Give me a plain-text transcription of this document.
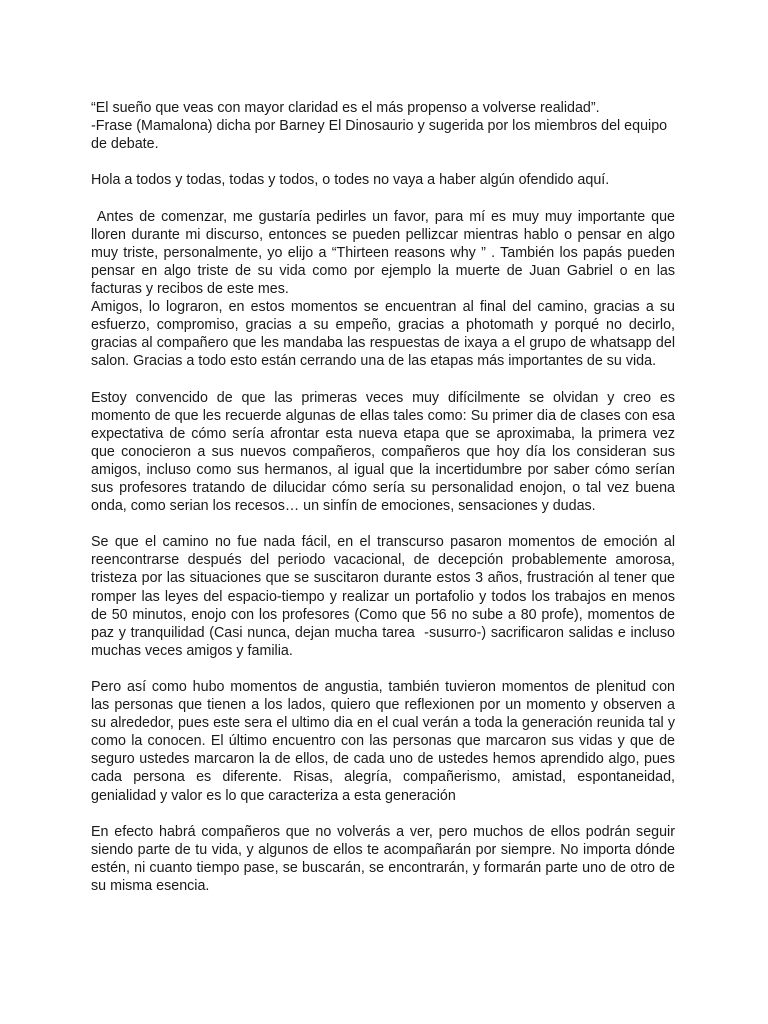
“El sueño que veas con mayor claridad es el más propenso a volverse realidad”.

-Frase (Mamalona) dicha por Barney El Dinosaurio y sugerida por los miembros del equipo de debate.

Hola a todos y todas, todas y todos, o todes no vaya a haber algún ofendido aquí.

Antes de comenzar, me gustaría pedirles un favor, para mí es muy muy importante que lloren durante mi discurso, entonces se pueden pellizcar mientras hablo o pensar en algo muy triste, personalmente, yo elijo a “Thirteen reasons why ” . También los papás pueden pensar en algo triste de su vida como por ejemplo la muerte de Juan Gabriel o en las facturas y recibos de este mes.

Amigos, lo lograron, en estos momentos se encuentran al final del camino, gracias a su esfuerzo, compromiso, gracias a su empeño, gracias a photomath y porqué no decirlo, gracias al compañero que les mandaba las respuestas de ixaya a el grupo de whatsapp del salon. Gracias a todo esto están cerrando una de las etapas más importantes de su vida.

Estoy convencido de que las primeras veces muy difícilmente se olvidan y creo es momento de que les recuerde algunas de ellas tales como: Su primer dia de clases con esa expectativa de cómo sería afrontar esta nueva etapa que se aproximaba, la primera vez que conocieron a sus nuevos compañeros, compañeros que hoy día los consideran sus amigos, incluso como sus hermanos, al igual que la incertidumbre por saber cómo serían sus profesores tratando de dilucidar cómo sería su personalidad enojon, o tal vez buena onda, como serian los recesos… un sinfín de emociones, sensaciones y dudas.

Se que el camino no fue nada fácil, en el transcurso pasaron momentos de emoción al reencontrarse después del periodo vacacional, de decepción probablemente amorosa, tristeza por las situaciones que se suscitaron durante estos 3 años, frustración al tener que romper las leyes del espacio-tiempo y realizar un portafolio y todos los trabajos en menos de 50 minutos, enojo con los profesores (Como que 56 no sube a 80 profe), momentos de paz y tranquilidad (Casi nunca, dejan mucha tarea  -susurro-) sacrificaron salidas e incluso muchas veces amigos y familia.

Pero así como hubo momentos de angustia, también tuvieron momentos de plenitud con las personas que tienen a los lados, quiero que reflexionen por un momento y observen a su alrededor, pues este sera el ultimo dia en el cual verán a toda la generación reunida tal y como la conocen. El último encuentro con las personas que marcaron sus vidas y que de seguro ustedes marcaron la de ellos, de cada uno de ustedes hemos aprendido algo, pues cada persona es diferente. Risas, alegría, compañerismo, amistad, espontaneidad, genialidad y valor es lo que caracteriza a esta generación

En efecto habrá compañeros que no volverás a ver, pero muchos de ellos podrán seguir siendo parte de tu vida, y algunos de ellos te acompañarán por siempre. No importa dónde estén, ni cuanto tiempo pase, se buscarán, se encontrarán, y formarán parte uno de otro de su misma esencia.
